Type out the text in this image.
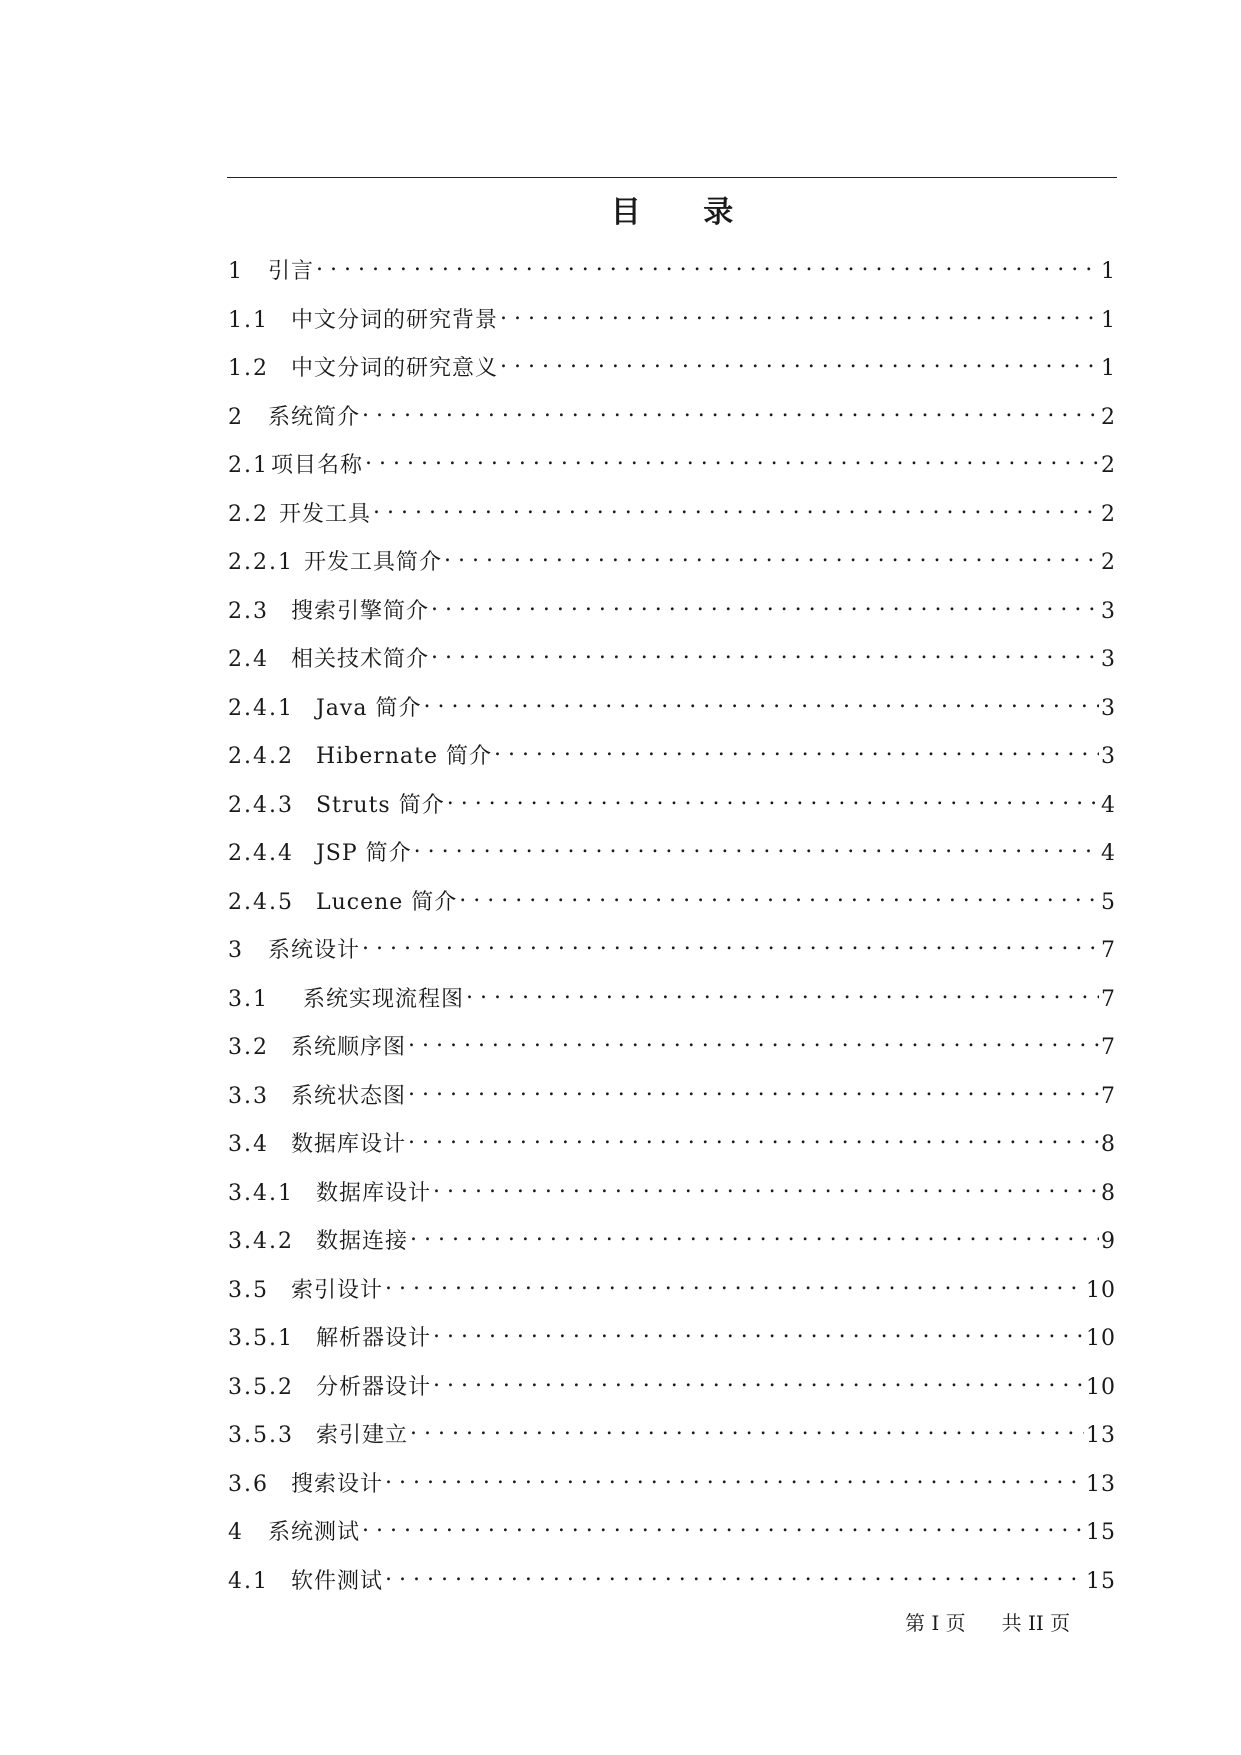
目 录
1 引言 . . .	1
1.1 中文分词的研究背景 . . .	1
1.2 中文分词的研究意义 . . .	1
2 系统简介 . . .	2
2.1 项目名称 . . .	2
2.2 开发工具 . . .	2
2.2.1 开发工具简介 . . .	2
2.3 搜索引擎简介 . . .	3
2.4 相关技术简介 . . .	3
2.4.1 Java 简介 . . .	3
2.4.2 Hibernate 简介 . . .	3
2.4.3 Struts 简介 . . .	4
2.4.4 JSP 简介 . . .	4
2.4.5 Lucene 简介 . . .	5
3 系统设计 . . .	7
3.1 系统实现流程图 . . .	7
3.2 系统顺序图 . . .	7
3.3 系统状态图 . . .	7
3.4 数据库设计 . . .	8
3.4.1 数据库设计 . . .	8
3.4.2 数据连接 . . .	9
3.5 索引设计 . . .	10
3.5.1 解析器设计 . . .	10
3.5.2 分析器设计 . . .	10
3.5.3 索引建立 . . .	13
3.6 搜索设计 . . .	13
4 系统测试 . . .	15
4.1 软件测试 . . .	15
第 I 页 共 II 页
